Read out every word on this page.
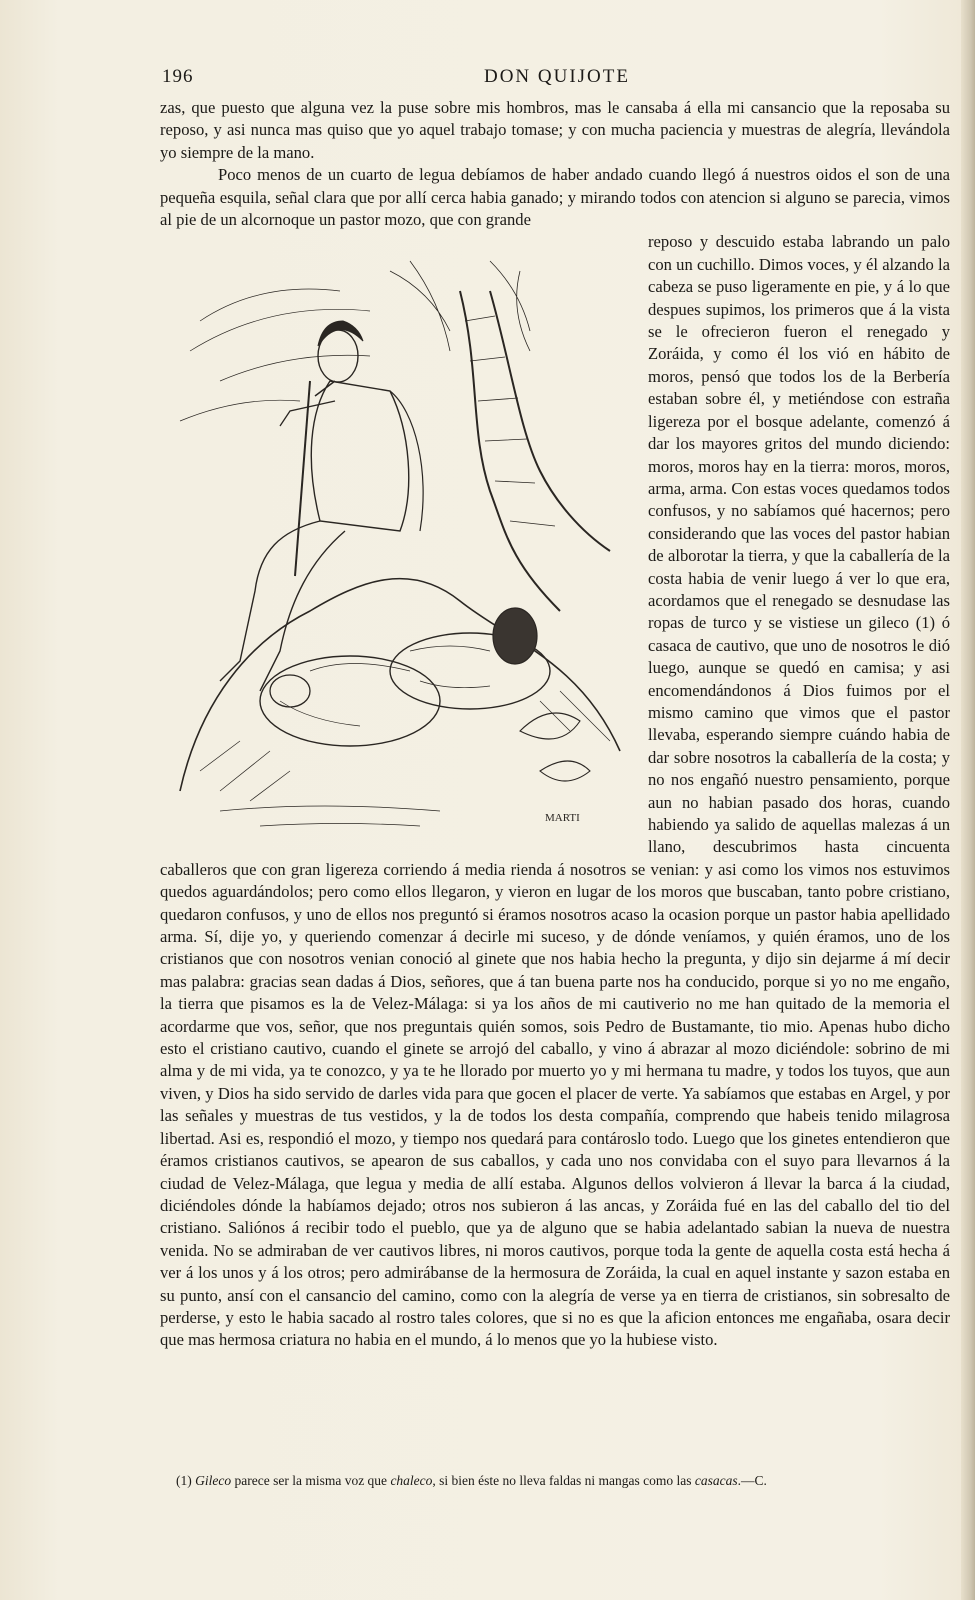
196	DON QUIJOTE

zas, que puesto que alguna vez la puse sobre mis hombros, mas le cansaba á ella mi cansancio que la reposaba su reposo, y asi nunca mas quiso que yo aquel trabajo tomase; y con mucha paciencia y muestras de alegría, llevándola yo siempre de la mano.

Poco menos de un cuarto de legua debíamos de haber andado cuando llegó á nuestros oidos el son de una pequeña esquila, señal clara que por allí cerca habia ganado; y mirando todos con atencion si alguno se parecia, vimos al pie de un alcornoque un pastor mozo, que con grande

MARTI

reposo y descuido estaba labrando un palo con un cuchillo. Dimos voces, y él alzando la cabeza se puso ligeramente en pie, y á lo que despues supimos, los primeros que á la vista se le ofrecieron fueron el renegado y Zoráida, y como él los vió en hábito de moros, pensó que todos los de la Berbería estaban sobre él, y metiéndose con estraña ligereza por el bosque adelante, comenzó á dar los mayores gritos del mundo diciendo: moros, moros hay en la tierra: moros, moros, arma, arma. Con estas voces quedamos todos confusos, y no sabíamos qué hacernos; pero considerando que las voces del pastor habian de alborotar la tierra, y que la caballería de la costa habia de venir luego á ver lo que era, acordamos que el renegado se desnudase las ropas de turco y se vistiese un gileco (1) ó casaca de cautivo, que uno de nosotros le dió luego, aunque se quedó en camisa; y asi encomendándonos á Dios fuimos por el mismo camino que vimos que el pastor llevaba, esperando siempre cuándo habia de dar sobre nosotros la caballería de la costa; y no nos engañó nuestro pensamiento, porque aun no habian pasado dos horas, cuando habiendo ya salido de aquellas malezas á un llano, descubrimos hasta cincuenta caballeros que con gran ligereza corriendo á media rienda á nosotros se venian: y asi como los vimos nos estuvimos quedos aguardándolos; pero como ellos llegaron, y vieron en lugar de los moros que buscaban, tanto pobre cristiano, quedaron confusos, y uno de ellos nos preguntó si éramos nosotros acaso la ocasion porque un pastor habia apellidado arma. Sí, dije yo, y queriendo comenzar á decirle mi suceso, y de dónde veníamos, y quién éramos, uno de los cristianos que con nosotros venian conoció al ginete que nos habia hecho la pregunta, y dijo sin dejarme á mí decir mas palabra: gracias sean dadas á Dios, señores, que á tan buena parte nos ha conducido, porque si yo no me engaño, la tierra que pisamos es la de Velez-Málaga: si ya los años de mi cautiverio no me han quitado de la memoria el acordarme que vos, señor, que nos preguntais quién somos, sois Pedro de Bustamante, tio mio. Apenas hubo dicho esto el cristiano cautivo, cuando el ginete se arrojó del caballo, y vino á abrazar al mozo diciéndole: sobrino de mi alma y de mi vida, ya te conozco, y ya te he llorado por muerto yo y mi hermana tu madre, y todos los tuyos, que aun viven, y Dios ha sido servido de darles vida para que gocen el placer de verte. Ya sabíamos que estabas en Argel, y por las señales y muestras de tus vestidos, y la de todos los desta compañía, comprendo que habeis tenido milagrosa libertad. Asi es, respondió el mozo, y tiempo nos quedará para contároslo todo. Luego que los ginetes entendieron que éramos cristianos cautivos, se apearon de sus caballos, y cada uno nos convidaba con el suyo para llevarnos á la ciudad de Velez-Málaga, que legua y media de allí estaba. Algunos dellos volvieron á llevar la barca á la ciudad, diciéndoles dónde la habíamos dejado; otros nos subieron á las ancas, y Zoráida fué en las del caballo del tio del cristiano. Saliónos á recibir todo el pueblo, que ya de alguno que se habia adelantado sabian la nueva de nuestra venida. No se admiraban de ver cautivos libres, ni moros cautivos, porque toda la gente de aquella costa está hecha á ver á los unos y á los otros; pero admirábanse de la hermosura de Zoráida, la cual en aquel instante y sazon estaba en su punto, ansí con el cansancio del camino, como con la alegría de verse ya en tierra de cristianos, sin sobresalto de perderse, y esto le habia sacado al rostro tales colores, que si no es que la aficion entonces me engañaba, osara decir que mas hermosa criatura no habia en el mundo, á lo menos que yo la hubiese visto.

(1) Gileco parece ser la misma voz que chaleco, si bien éste no lleva faldas ni mangas como las casacas.—C.
